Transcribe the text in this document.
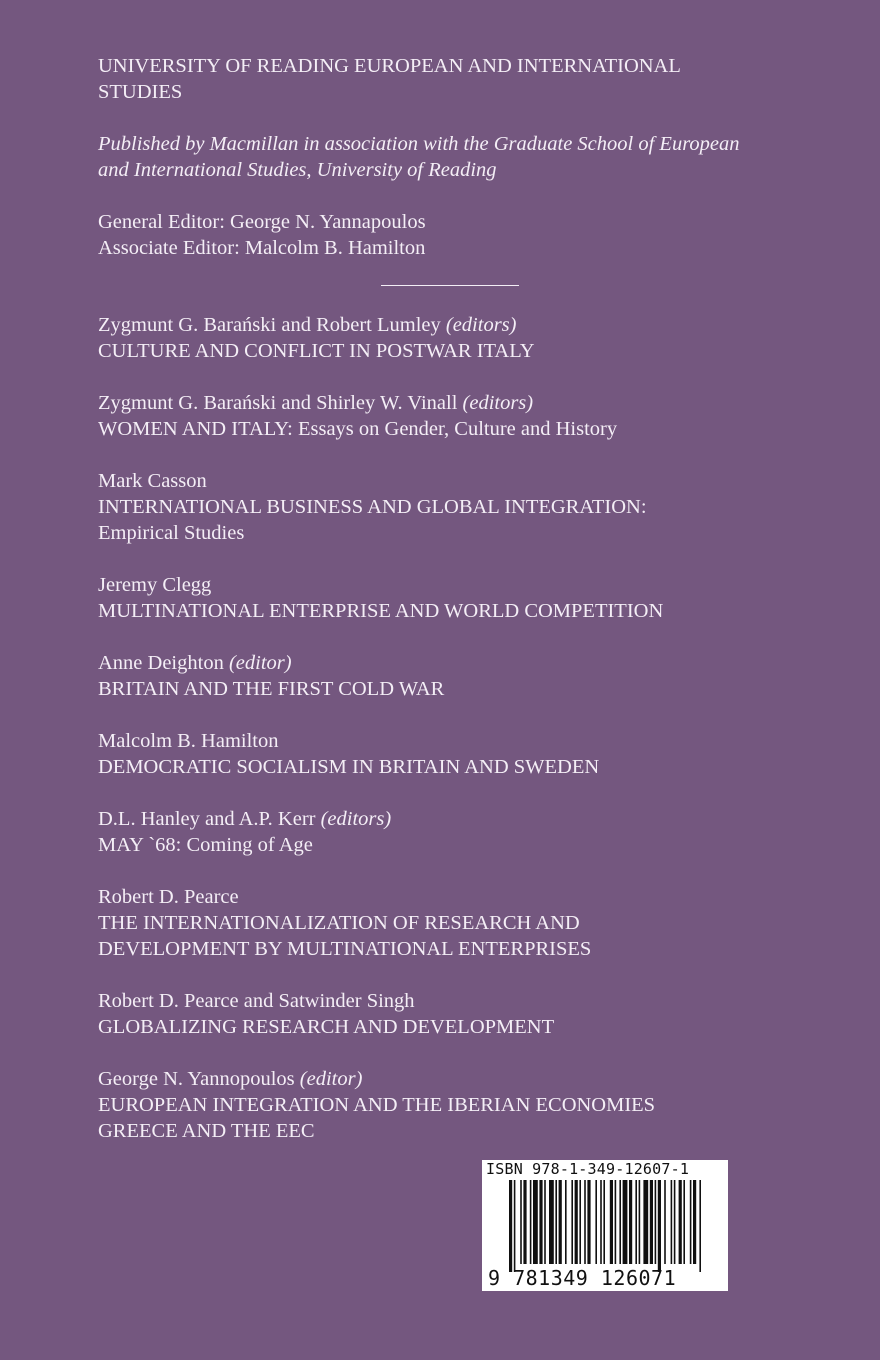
UNIVERSITY OF READING EUROPEAN AND INTERNATIONAL
STUDIES
Published by Macmillan in association with the Graduate School of European
and International Studies, University of Reading
General Editor: George N. Yannapoulos
Associate Editor: Malcolm B. Hamilton
Zygmunt G. Barański and Robert Lumley (editors)
CULTURE AND CONFLICT IN POSTWAR ITALY
Zygmunt G. Barański and Shirley W. Vinall (editors)
WOMEN AND ITALY: Essays on Gender, Culture and History
Mark Casson
INTERNATIONAL BUSINESS AND GLOBAL INTEGRATION:
Empirical Studies
Jeremy Clegg
MULTINATIONAL ENTERPRISE AND WORLD COMPETITION
Anne Deighton (editor)
BRITAIN AND THE FIRST COLD WAR
Malcolm B. Hamilton
DEMOCRATIC SOCIALISM IN BRITAIN AND SWEDEN
D.L. Hanley and A.P. Kerr (editors)
MAY `68: Coming of Age
Robert D. Pearce
THE INTERNATIONALIZATION OF RESEARCH AND
DEVELOPMENT BY MULTINATIONAL ENTERPRISES
Robert D. Pearce and Satwinder Singh
GLOBALIZING RESEARCH AND DEVELOPMENT
George N. Yannopoulos (editor)
EUROPEAN INTEGRATION AND THE IBERIAN ECONOMIES
GREECE AND THE EEC
ISBN 978-1-349-12607-1
9 781349 126071
